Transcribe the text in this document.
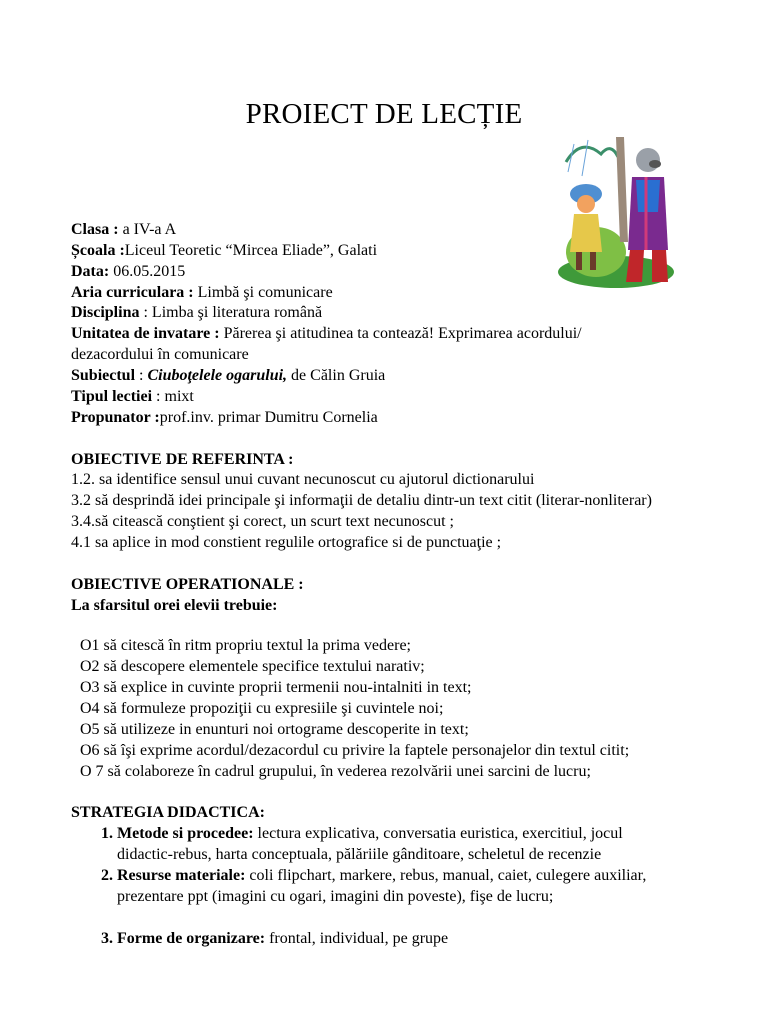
PROIECT DE LECȚIE
Clasa : a IV-a A
Școala :Liceul Teoretic “Mircea Eliade”, Galati
Data: 06.05.2015
Aria curriculara : Limbă şi comunicare
Disciplina : Limba şi literatura română
Unitatea de invatare : Părerea şi atitudinea ta contează! Exprimarea acordului/
dezacordului în comunicare
Subiectul : Ciuboţelele ogarului, de Călin Gruia
Tipul lectiei : mixt
Propunator :prof.inv. primar Dumitru Cornelia
OBIECTIVE DE REFERINTA :
1.2. sa identifice sensul unui cuvant necunoscut cu ajutorul dictionarului
3.2 să desprindă idei principale şi informaţii de detaliu dintr-un text citit (literar-nonliterar)
3.4.să citească conştient şi corect, un scurt text necunoscut ;
4.1 sa aplice in mod constient regulile ortografice si de punctuaţie ;
OBIECTIVE OPERATIONALE :
La sfarsitul orei elevii trebuie:
O1 să citescă în ritm propriu textul la prima vedere;
O2 să descopere elementele specifice textului narativ;
O3 să explice in cuvinte proprii termenii nou-intalniti in text;
O4 să formuleze propoziţii cu expresiile şi cuvintele noi;
O5 să utilizeze in enunturi noi ortograme descoperite in text;
O6 să îşi exprime acordul/dezacordul cu privire la faptele personajelor din textul citit;
O 7 să colaboreze în cadrul grupului, în vederea rezolvării unei sarcini de lucru;
STRATEGIA DIDACTICA:
1. Metode si procedee: lectura explicativa, conversatia euristica, exercitiul, jocul
didactic-rebus, harta conceptuala, pălăriile gânditoare, scheletul de recenzie
2. Resurse materiale: coli flipchart, markere, rebus, manual, caiet, culegere auxiliar,
prezentare ppt (imagini cu ogari, imagini din poveste), fişe de lucru;
3. Forme de organizare: frontal, individual, pe grupe
